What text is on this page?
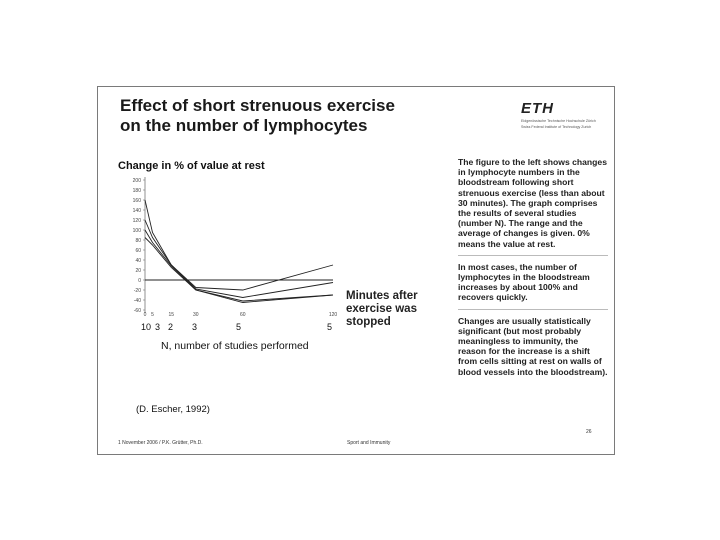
Effect of short strenuous exercise
on the number of lymphocytes
ETH
Eidgenössische Technische Hochschule Zürich
Swiss Federal Institute of Technology Zurich
Change in % of value at rest
200
180
160
140
120
100
80
60
40
20
0
-20
-40
-60
0 5	15	30	60	120
10 3 2 3	5	5
N, number of studies performed
Minutes after
exercise was
stopped
(D. Escher, 1992)

The figure to the left shows changes in lymphocyte numbers in the bloodstream following short strenuous exercise (less than about 30 minutes). The graph comprises the results of several studies (number N). The range and the average of changes is given. 0% means the value at rest.

In most cases, the number of lymphocytes in the bloodstream increases by about 100% and recovers quickly.

Changes are usually statistically significant (but most probably meaningless to immunity, the reason for the increase is a shift from cells sitting at rest on walls of blood vessels into the bloodstream).

1 November 2006 / P.K. Grütter, Ph.D.	Sport and Immunity
26
